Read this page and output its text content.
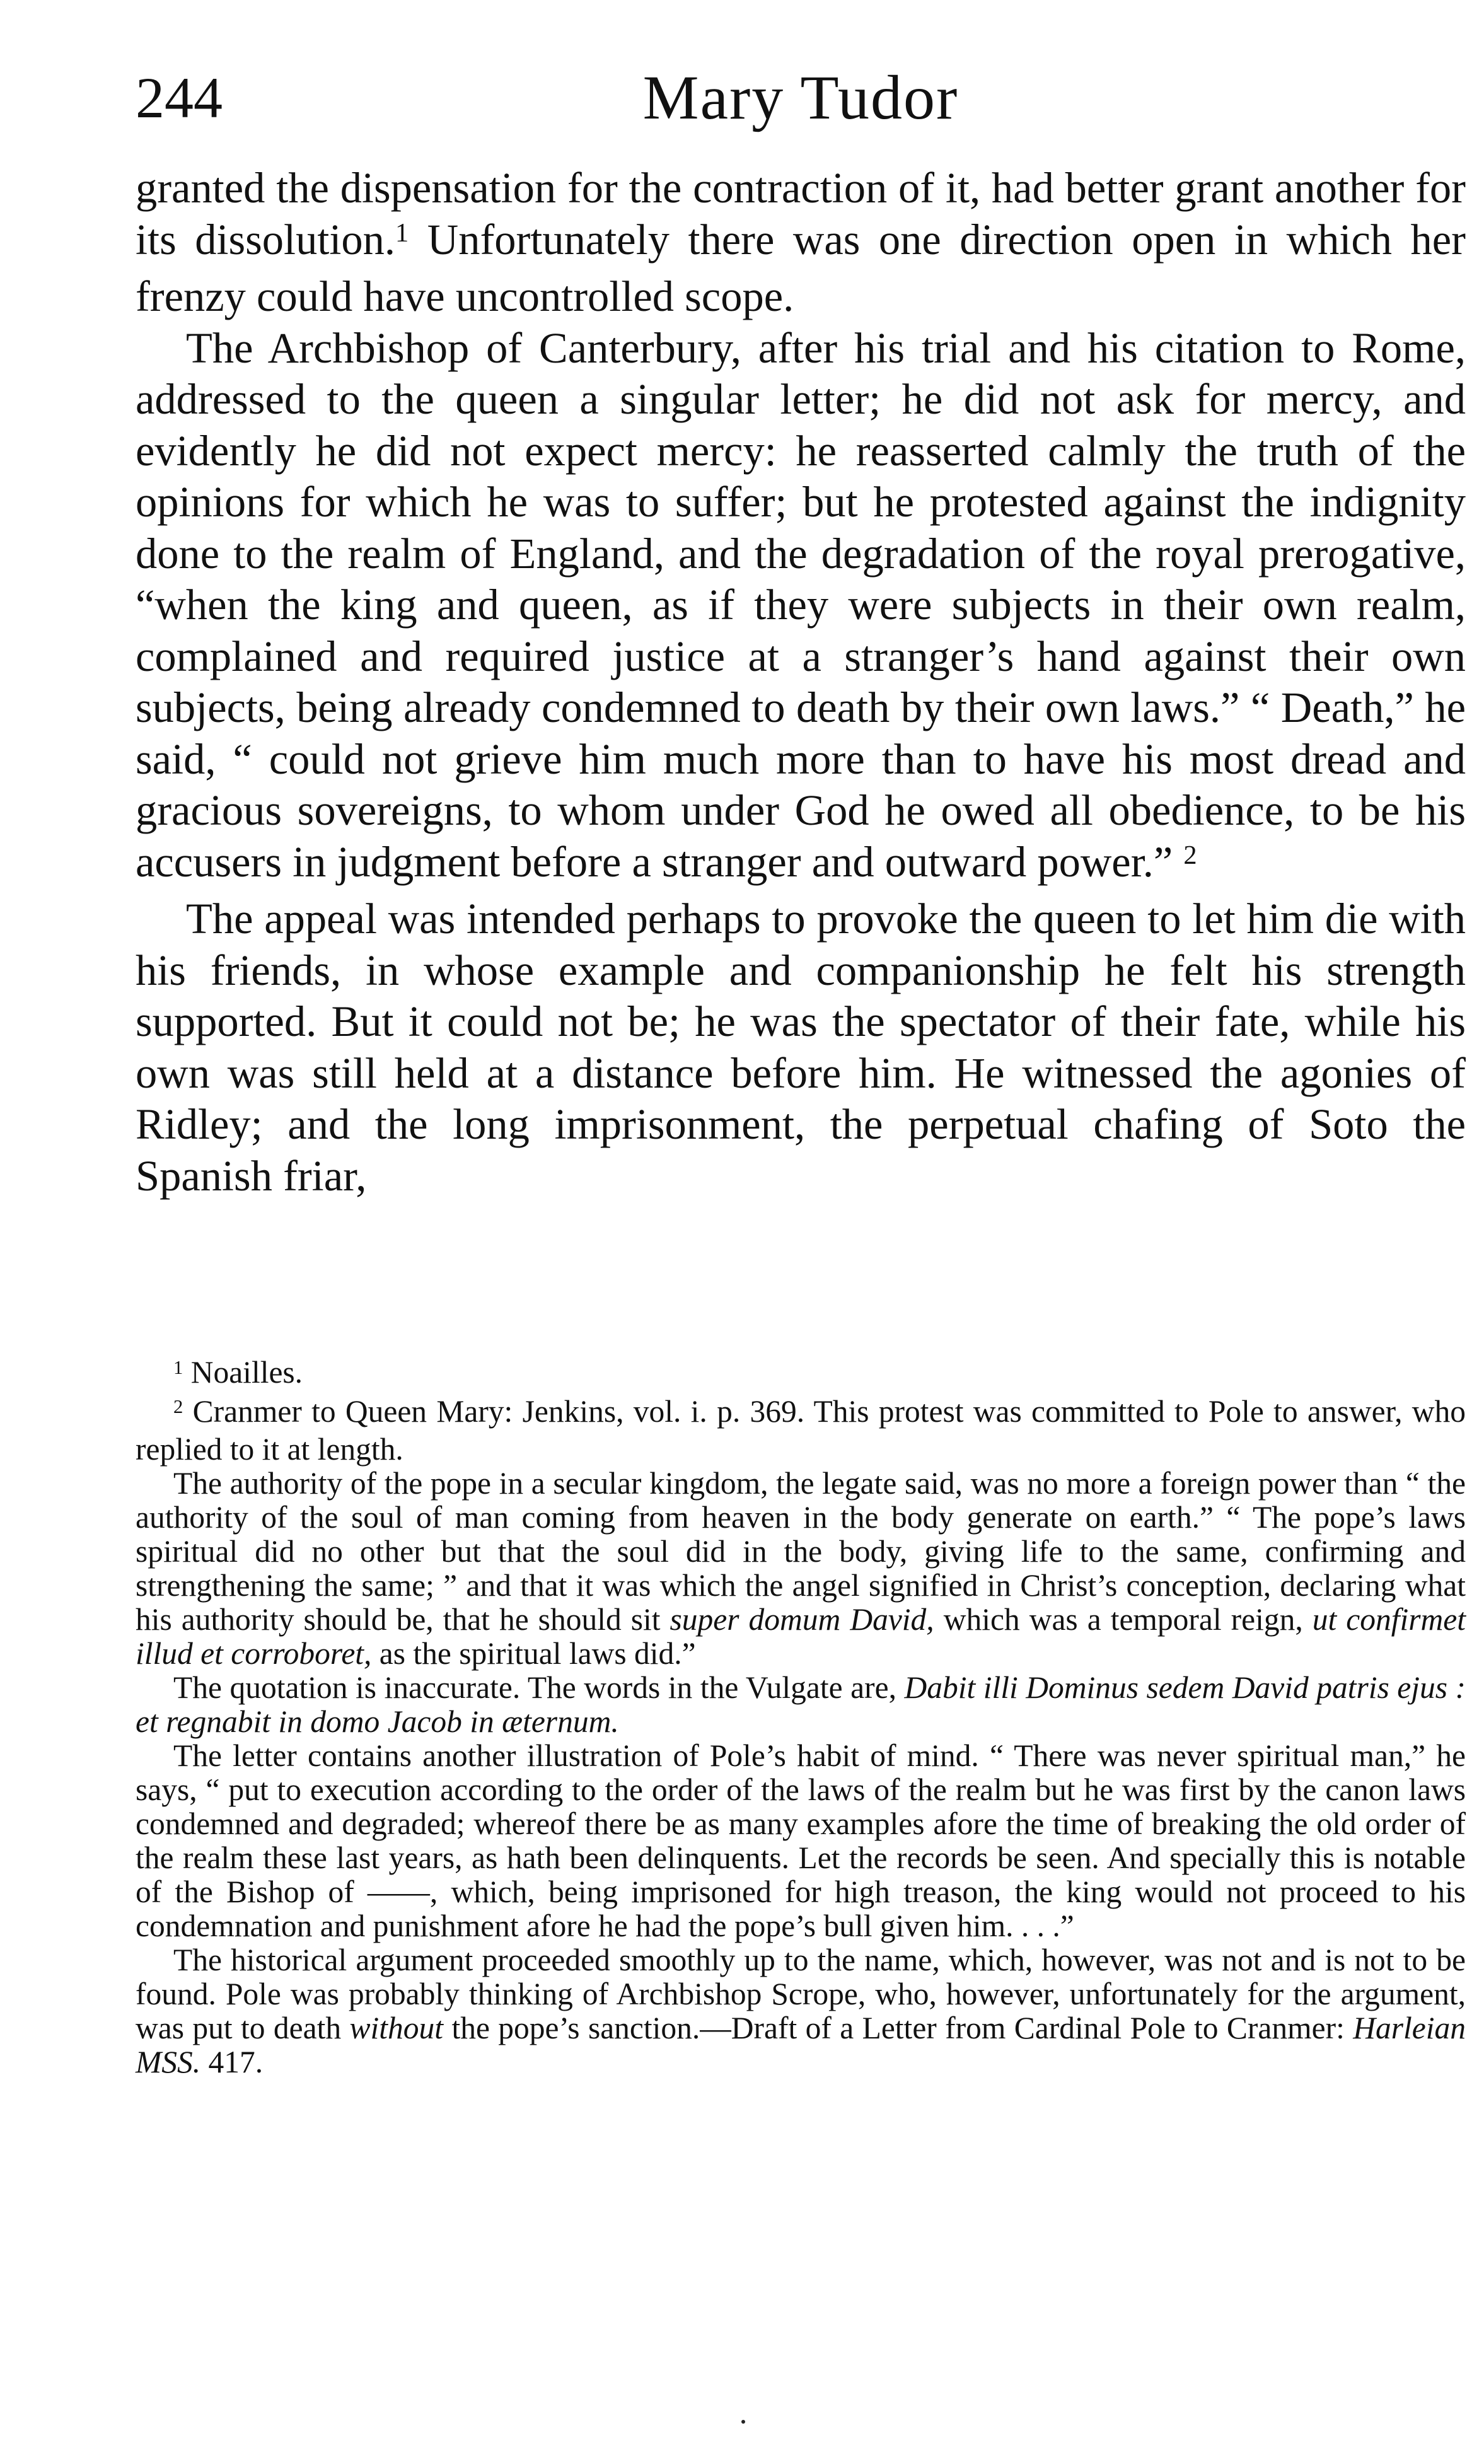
244	Mary Tudor

granted the dispensation for the contraction of it, had better grant another for its dissolution.$^1$ Unfortunately there was one direction open in which her frenzy could have uncontrolled scope.

The Archbishop of Canterbury, after his trial and his citation to Rome, addressed to the queen a singular letter; he did not ask for mercy, and evidently he did not expect mercy: he reasserted calmly the truth of the opinions for which he was to suffer; but he protested against the indignity done to the realm of England, and the degradation of the royal prerogative, “when the king and queen, as if they were subjects in their own realm, complained and required justice at a stranger’s hand against their own subjects, being already condemned to death by their own laws.” “ Death,” he said, “ could not grieve him much more than to have his most dread and gracious sovereigns, to whom under God he owed all obedience, to be his accusers in judgment before a stranger and outward power.” $^2$

The appeal was intended perhaps to provoke the queen to let him die with his friends, in whose example and companionship he felt his strength supported. But it could not be; he was the spectator of their fate, while his own was still held at a distance before him. He witnessed the agonies of Ridley; and the long imprisonment, the perpetual chafing of Soto the Spanish friar,

$^1$ Noailles.

$^2$ Cranmer to Queen Mary: Jenkins, vol. i. p. 369. This protest was committed to Pole to answer, who replied to it at length.

The authority of the pope in a secular kingdom, the legate said, was no more a foreign power than “ the authority of the soul of man coming from heaven in the body generate on earth.” “ The pope’s laws spiritual did no other but that the soul did in the body, giving life to the same, confirming and strengthening the same; ” and that it was which the angel signified in Christ’s conception, declaring what his authority should be, that he should sit super domum David, which was a temporal reign, ut confirmet illud et corroboret, as the spiritual laws did.”

The quotation is inaccurate. The words in the Vulgate are, Dabit illi Dominus sedem David patris ejus : et regnabit in domo Jacob in æternum.

The letter contains another illustration of Pole’s habit of mind. “ There was never spiritual man,” he says, “ put to execution according to the order of the laws of the realm but he was first by the canon laws condemned and degraded; whereof there be as many examples afore the time of breaking the old order of the realm these last years, as hath been delinquents. Let the records be seen. And specially this is notable of the Bishop of ——, which, being imprisoned for high treason, the king would not proceed to his condemnation and punishment afore he had the pope’s bull given him. . . .”

The historical argument proceeded smoothly up to the name, which, however, was not and is not to be found. Pole was probably thinking of Archbishop Scrope, who, however, unfortunately for the argument, was put to death without the pope’s sanction.—Draft of a Letter from Cardinal Pole to Cranmer: Harleian MSS. 417.
